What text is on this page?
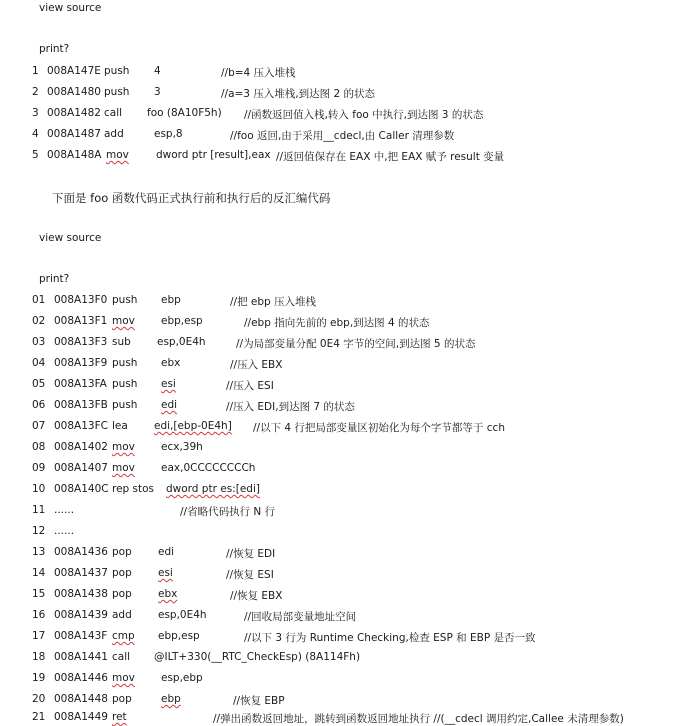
view source
print?
1 008A147E push 4	//b=4 压入堆栈
2 008A1480 push 3	//a=3 压入堆栈,到达图 2 的状态
3 008A1482 call foo (8A10F5h) //函数返回值入栈,转入 foo 中执行,到达图 3 的状态
4 008A1487 add	esp,8	//foo 返回,由于采用__cdecl,由 Caller 清理参数
5 008A148A mov	dword ptr [result],eax //返回值保存在 EAX 中,把 EAX 赋予 result 变量
下面是 foo 函数代码正式执行前和执行后的反汇编代码
view source
print?
01 008A13F0 push ebp	//把 ebp 压入堆栈
02 008A13F1 mov ebp,esp	//ebp 指向先前的 ebp,到达图 4 的状态
03 008A13F3 sub esp,0E4h	//为局部变量分配 0E4 字节的空间,到达图 5 的状态
04 008A13F9 push ebx	//压入 EBX
05 008A13FA push esi	//压入 ESI
06 008A13FB push edi	//压入 EDI,到达图 7 的状态
07 008A13FC lea edi,[ebp-0E4h] //以下 4 行把局部变量区初始化为每个字节都等于 cch
08 008A1402 mov ecx,39h
09 008A1407 mov eax,0CCCCCCCCh
10 008A140C rep stos dword ptr es:[edi]
11 ......	//省略代码执行 N 行
12 ......
13 008A1436 pop edi	//恢复 EDI
14 008A1437 pop esi	//恢复 ESI
15 008A1438 pop ebx	//恢复 EBX
16 008A1439 add esp,0E4h	//回收局部变量地址空间
17 008A143F cmp ebp,esp	//以下 3 行为 Runtime Checking,检查 ESP 和 EBP 是否一致
18 008A1441 call @ILT+330(__RTC_CheckEsp) (8A114Fh)
19 008A1446 mov esp,ebp
20 008A1448 pop	ebp	//恢复 EBP
21 008A1449 ret	//弹出函数返回地址，跳转到函数返回地址执行 //(__cdecl 调用约定,Callee 未清理参数)
